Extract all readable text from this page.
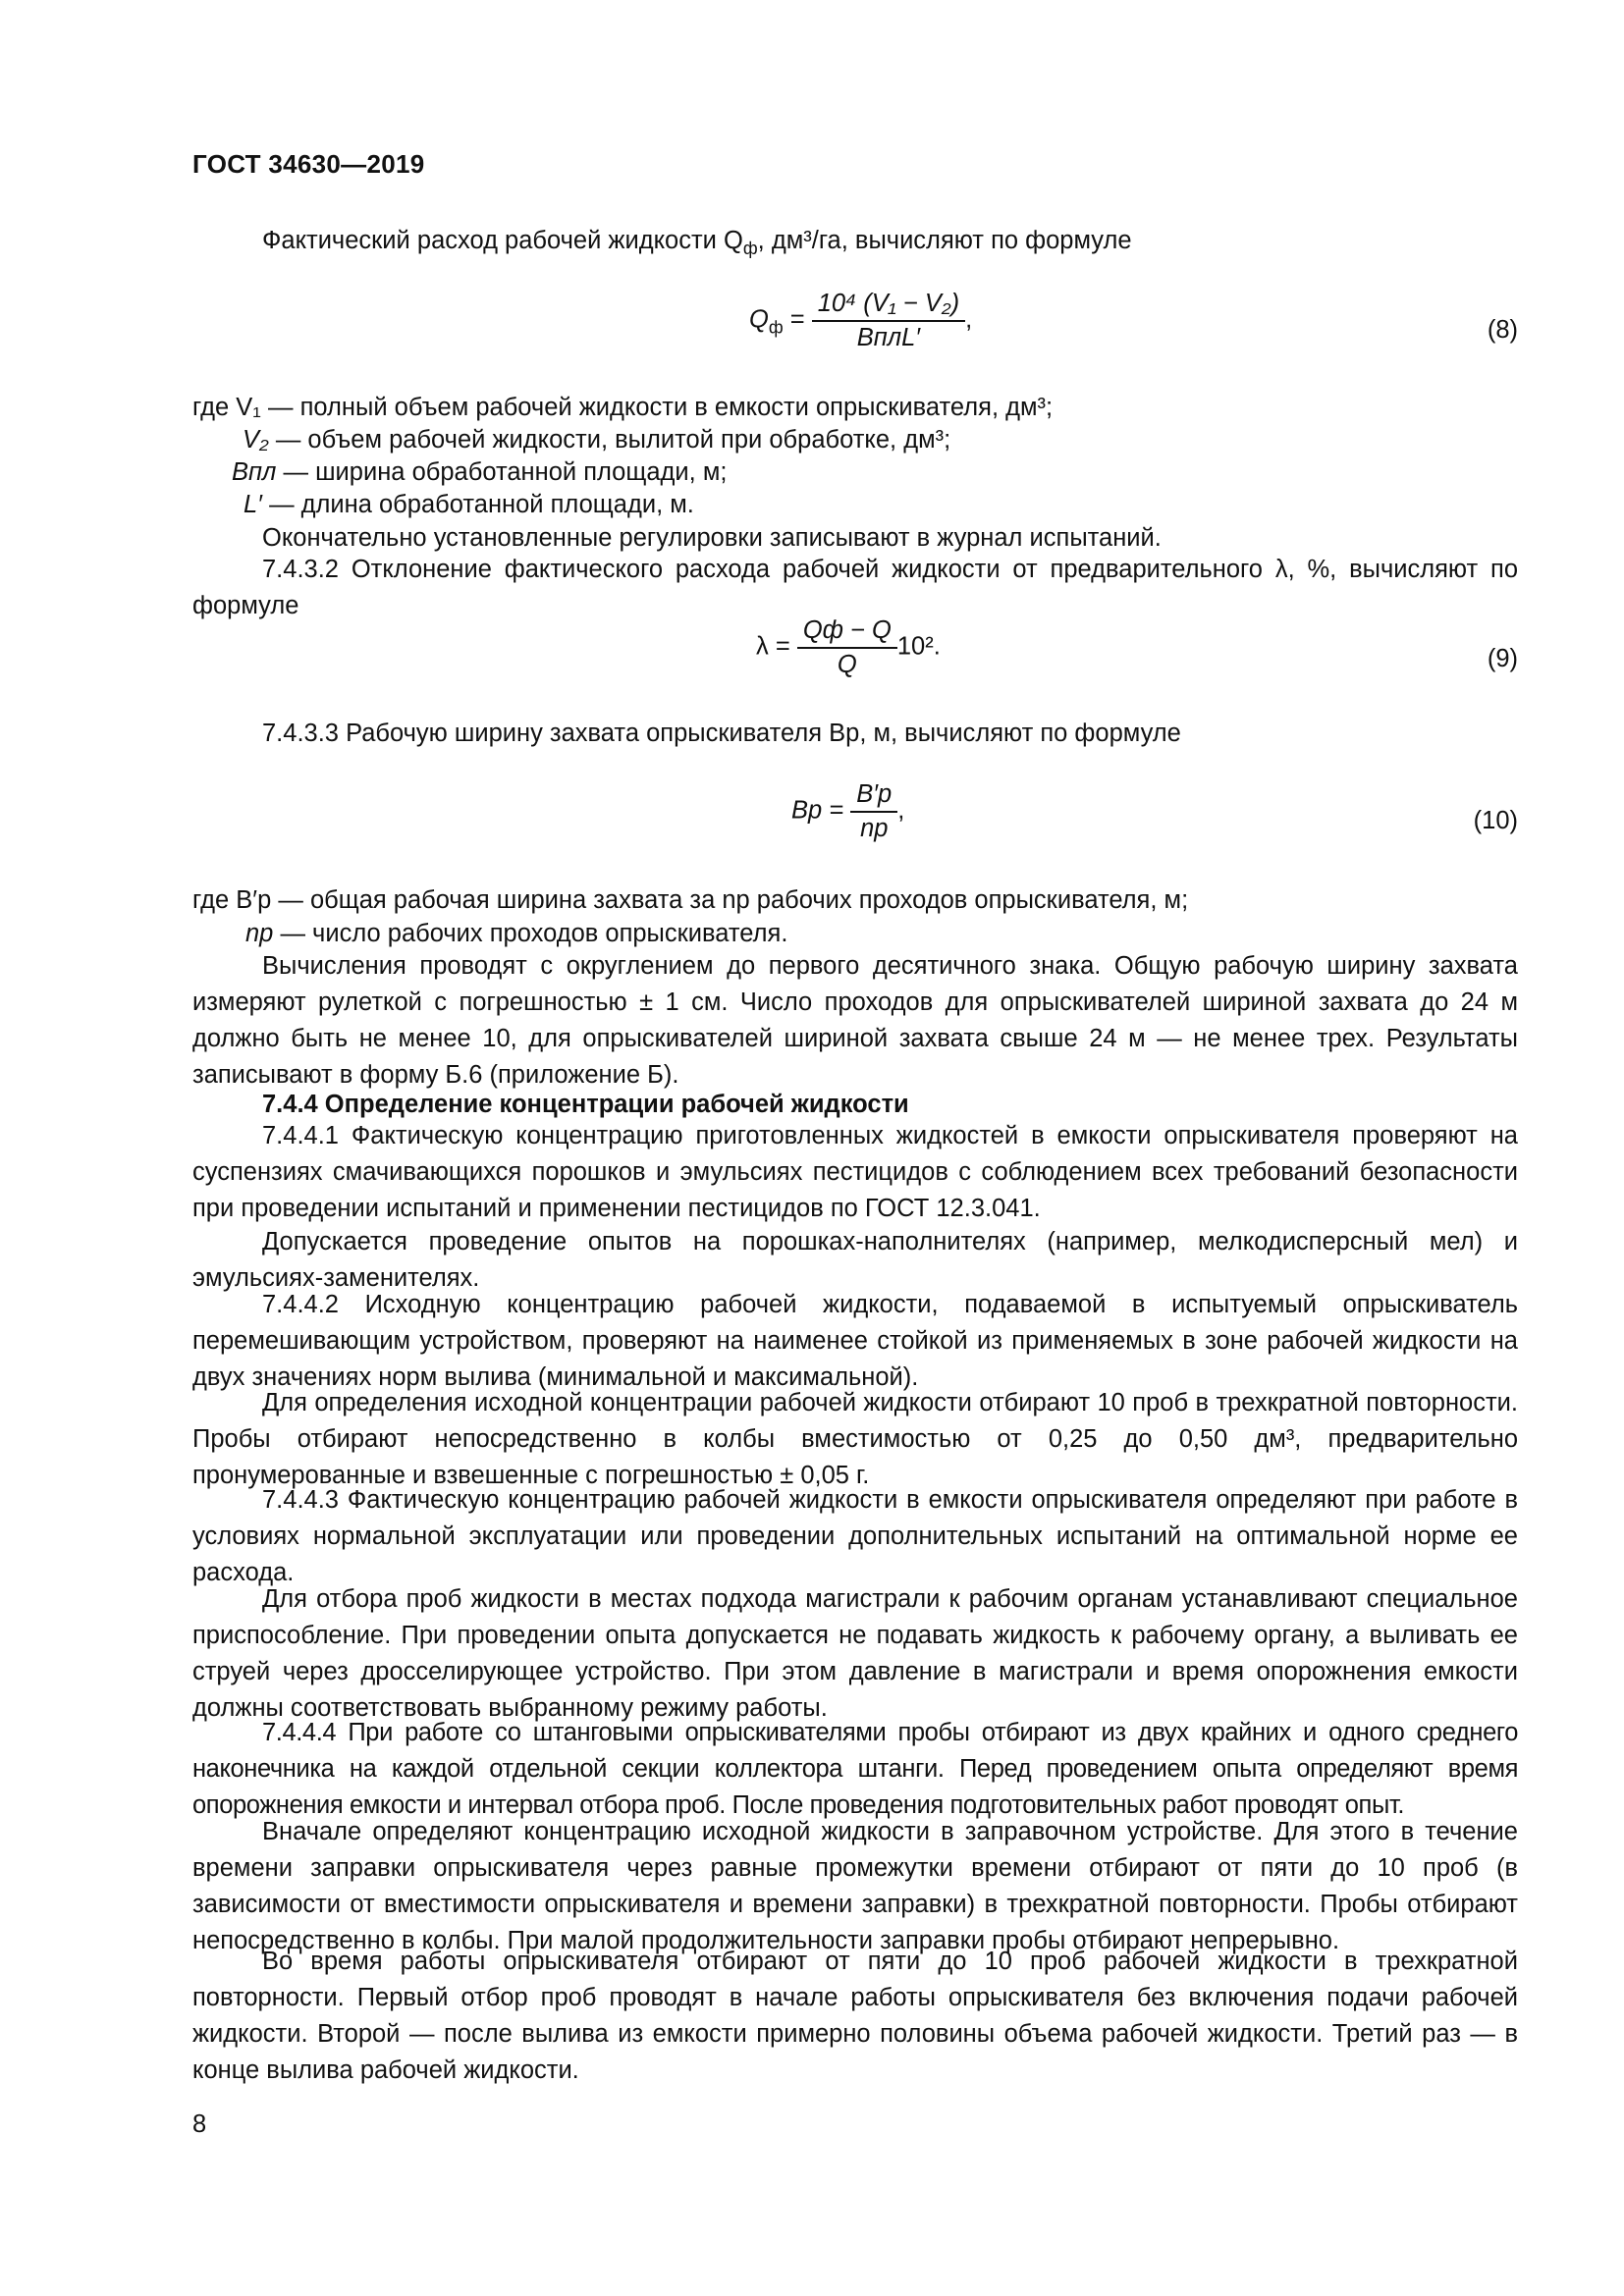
ГОСТ 34630—2019
Фактический расход рабочей жидкости $Q_ф$, дм³/га, вычисляют по формуле
$Q_ф = \frac{\text{10⁴ (V₁ − V₂)}}{\text{BплL′}}$ ,	(8)
где V₁ — полный объем рабочей жидкости в емкости опрыскивателя, дм³;
V₂ — объем рабочей жидкости, вылитой при обработке, дм³;
Bпл — ширина обработанной площади, м;
L′ — длина обработанной площади, м.
Окончательно установленные регулировки записывают в журнал испытаний.
7.4.3.2 Отклонение фактического расхода рабочей жидкости от предварительного λ, %, вычисляют по формуле
$\lambda = \frac{Qф - Q}{Q} 10^2$.	(9)
7.4.3.3 Рабочую ширину захвата опрыскивателя Bр, м, вычисляют по формуле
Bр = $\frac{B'р}{nр}$ ,	(10)
где B′р — общая рабочая ширина захвата за nр рабочих проходов опрыскивателя, м;
nр — число рабочих проходов опрыскивателя.
Вычисления проводят с округлением до первого десятичного знака. Общую рабочую ширину захвата измеряют рулеткой с погрешностью ± 1 см. Число проходов для опрыскивателей шириной захвата до 24 м должно быть не менее 10, для опрыскивателей шириной захвата свыше 24 м — не менее трех. Результаты записывают в форму Б.6 (приложение Б).
7.4.4 Определение концентрации рабочей жидкости
7.4.4.1 Фактическую концентрацию приготовленных жидкостей в емкости опрыскивателя проверяют на суспензиях смачивающихся порошков и эмульсиях пестицидов с соблюдением всех требований безопасности при проведении испытаний и применении пестицидов по ГОСТ 12.3.041.
Допускается проведение опытов на порошках-наполнителях (например, мелкодисперсный мел) и эмульсиях-заменителях.
7.4.4.2 Исходную концентрацию рабочей жидкости, подаваемой в испытуемый опрыскиватель перемешивающим устройством, проверяют на наименее стойкой из применяемых в зоне рабочей жидкости на двух значениях норм вылива (минимальной и максимальной).
Для определения исходной концентрации рабочей жидкости отбирают 10 проб в трехкратной повторности. Пробы отбирают непосредственно в колбы вместимостью от 0,25 до 0,50 дм³, предварительно пронумерованные и взвешенные с погрешностью ± 0,05 г.
7.4.4.3 Фактическую концентрацию рабочей жидкости в емкости опрыскивателя определяют при работе в условиях нормальной эксплуатации или проведении дополнительных испытаний на оптимальной норме ее расхода.
Для отбора проб жидкости в местах подхода магистрали к рабочим органам устанавливают специальное приспособление. При проведении опыта допускается не подавать жидкость к рабочему органу, а выливать ее струей через дросселирующее устройство. При этом давление в магистрали и время опорожнения емкости должны соответствовать выбранному режиму работы.
7.4.4.4 При работе со штанговыми опрыскивателями пробы отбирают из двух крайних и одного среднего наконечника на каждой отдельной секции коллектора штанги. Перед проведением опыта определяют время опорожнения емкости и интервал отбора проб. После проведения подготовительных работ проводят опыт.
Вначале определяют концентрацию исходной жидкости в заправочном устройстве. Для этого в течение времени заправки опрыскивателя через равные промежутки времени отбирают от пяти до 10 проб (в зависимости от вместимости опрыскивателя и времени заправки) в трехкратной повторности. Пробы отбирают непосредственно в колбы. При малой продолжительности заправки пробы отбирают непрерывно.
Во время работы опрыскивателя отбирают от пяти до 10 проб рабочей жидкости в трехкратной повторности. Первый отбор проб проводят в начале работы опрыскивателя без включения подачи рабочей жидкости. Второй — после вылива из емкости примерно половины объема рабочей жидкости. Третий раз — в конце вылива рабочей жидкости.
8
